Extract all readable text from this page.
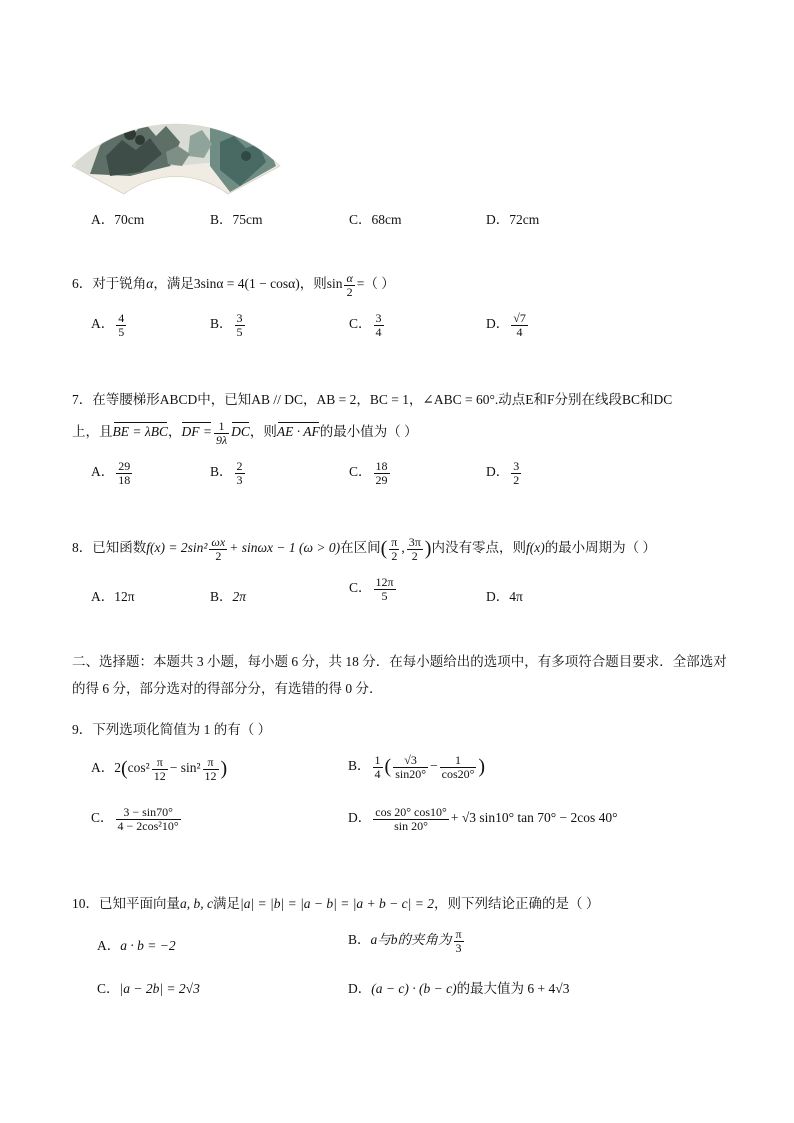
A．70cm	B．75cm	C．68cm	D．72cm
6．对于锐角α，满足3sinα = 4(1 − cosα)，则$\sin \frac{\alpha}{2}$ =（ ）
A． $\frac{4}{5}$	B． $\frac{3}{5}$	C． $\frac{3}{4}$	D． $\frac{√7}{4}$
7．在等腰梯形ABCD中，已知AB // DC，AB = 2，BC = 1，∠ABC = 60°.动点E和F分别在线段BC和DC
上，且BE = λBC，DF = $\frac{1}{9\lambda}$ DC，则AE · AF的最小值为（ ）
A． $\frac{29}{18}$	B． $\frac{2}{3}$	C． $\frac{18}{29}$	D． $\frac{3}{2}$
8．已知函数$f(x) = 2\sin^2 \frac{\omega x}{2} + \sin\omega x - 1$ (ω > 0)在区间( $\frac{\pi}{2}$ , $\frac{3\pi}{2}$ )内没有零点，则f(x)的最小周期为（ ）
A．12π	B．2π
C． $\frac{12\pi}{5}$	D．4π
二、选择题：本题共 3 小题，每小题 6 分，共 18 分．在每小题给出的选项中，有多项符合题目要求．全部选对的得 6 分，部分选对的得部分分，有选错的得 0 分．
9．下列选项化简值为 1 的有（ ）
A．$2(\cos^2 \frac{\pi}{12} - \sin^2 \frac{\pi}{12}$ )	B． $\frac{1}{4}$ ( $\frac{√3}{\sin 20^\circ} - \frac{1}{\cos 20^\circ}$ )
C． $\frac{3 - \sin 70^\circ}{\text{4 − 2cos²10°}}$	D． $\frac{\cos 20^\circ \cos 10^\circ}{\sin 20^\circ} + √3$ sin10° tan 70° − 2cos 40°
10．已知平面向量a, b, c满足|a| = |b| = |a − b| = |a + b − c| = 2，则下列结论正确的是（ ）
A．a · b = −2	B．a与b的夹角为 $\frac{\pi}{3}$
C．|a − 2b| = 2√3	D．(a − c) · (b − c)的最大值为 6 + 4√3
